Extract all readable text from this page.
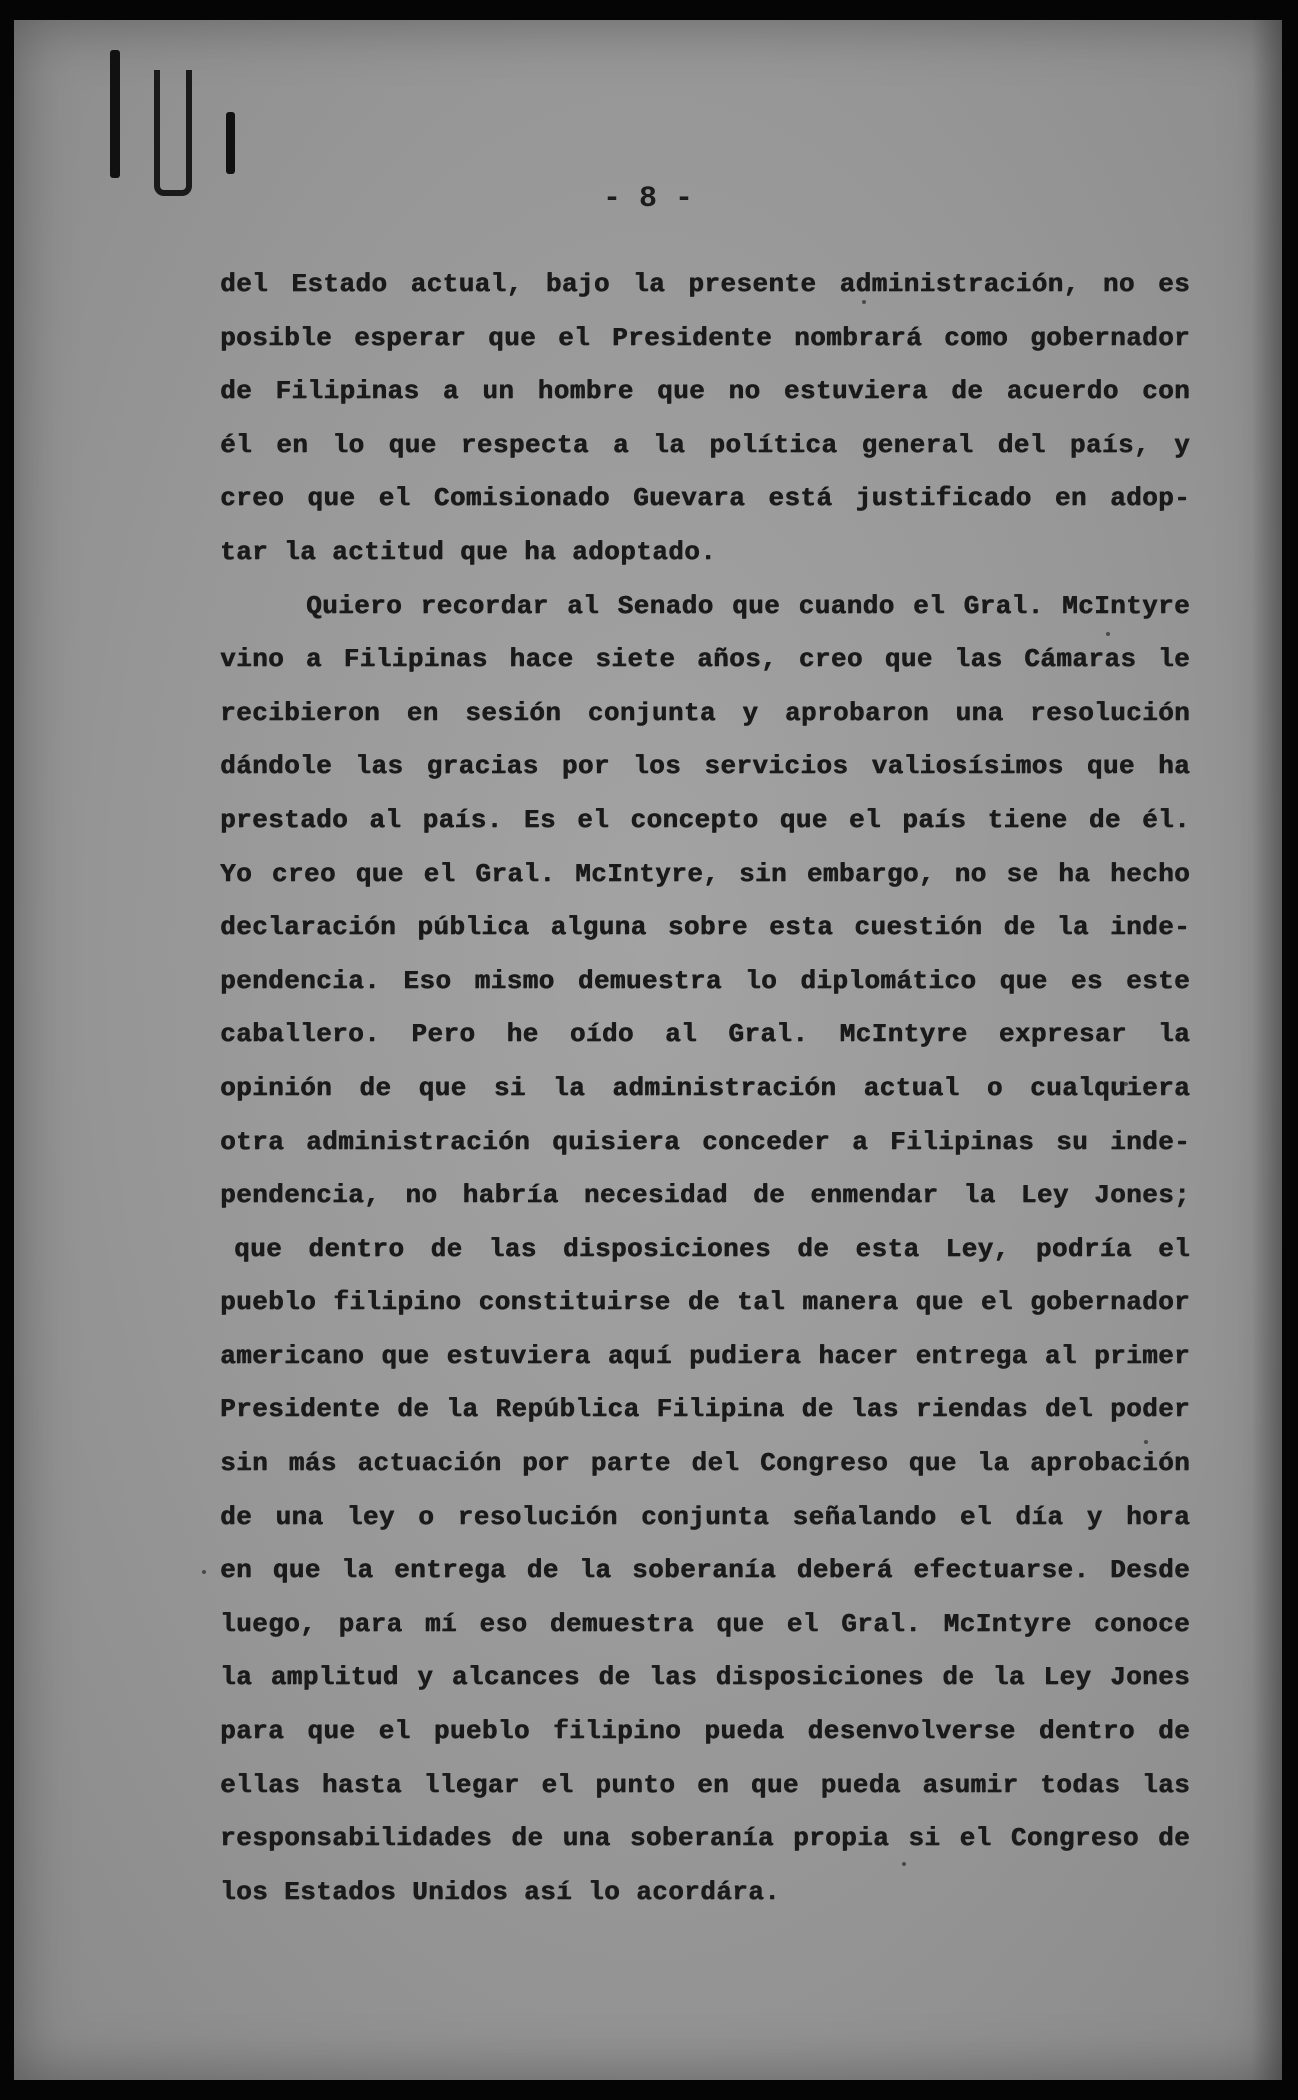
- 8 -
del Estado actual, bajo la presente administración, no es
posible esperar que el Presidente nombrará como gobernador
de Filipinas a un hombre que no estuviera de acuerdo con
él en lo que respecta a la política general del país, y
creo que el Comisionado Guevara está justificado en adop-
tar la actitud que ha adoptado.
Quiero recordar al Senado que cuando el Gral. McIntyre
vino a Filipinas hace siete años, creo que las Cámaras le
recibieron en sesión conjunta y aprobaron una resolución
dándole las gracias por los servicios valiosísimos que ha
prestado al país. Es el concepto que el país tiene de él.
Yo creo que el Gral. McIntyre, sin embargo, no se ha hecho
declaración pública alguna sobre esta cuestión de la inde-
pendencia. Eso mismo demuestra lo diplomático que es este
caballero. Pero he oído al Gral. McIntyre expresar la
opinión de que si la administración actual o cualquiera
otra administración quisiera conceder a Filipinas su inde-
pendencia, no habría necesidad de enmendar la Ley Jones;
que dentro de las disposiciones de esta Ley, podría el
pueblo filipino constituirse de tal manera que el gobernador
americano que estuviera aquí pudiera hacer entrega al primer
Presidente de la República Filipina de las riendas del poder
sin más actuación por parte del Congreso que la aprobación
de una ley o resolución conjunta señalando el día y hora
en que la entrega de la soberanía deberá efectuarse. Desde
luego, para mí eso demuestra que el Gral. McIntyre conoce
la amplitud y alcances de las disposiciones de la Ley Jones
para que el pueblo filipino pueda desenvolverse dentro de
ellas hasta llegar el punto en que pueda asumir todas las
responsabilidades de una soberanía propia si el Congreso de
los Estados Unidos así lo acordára.
